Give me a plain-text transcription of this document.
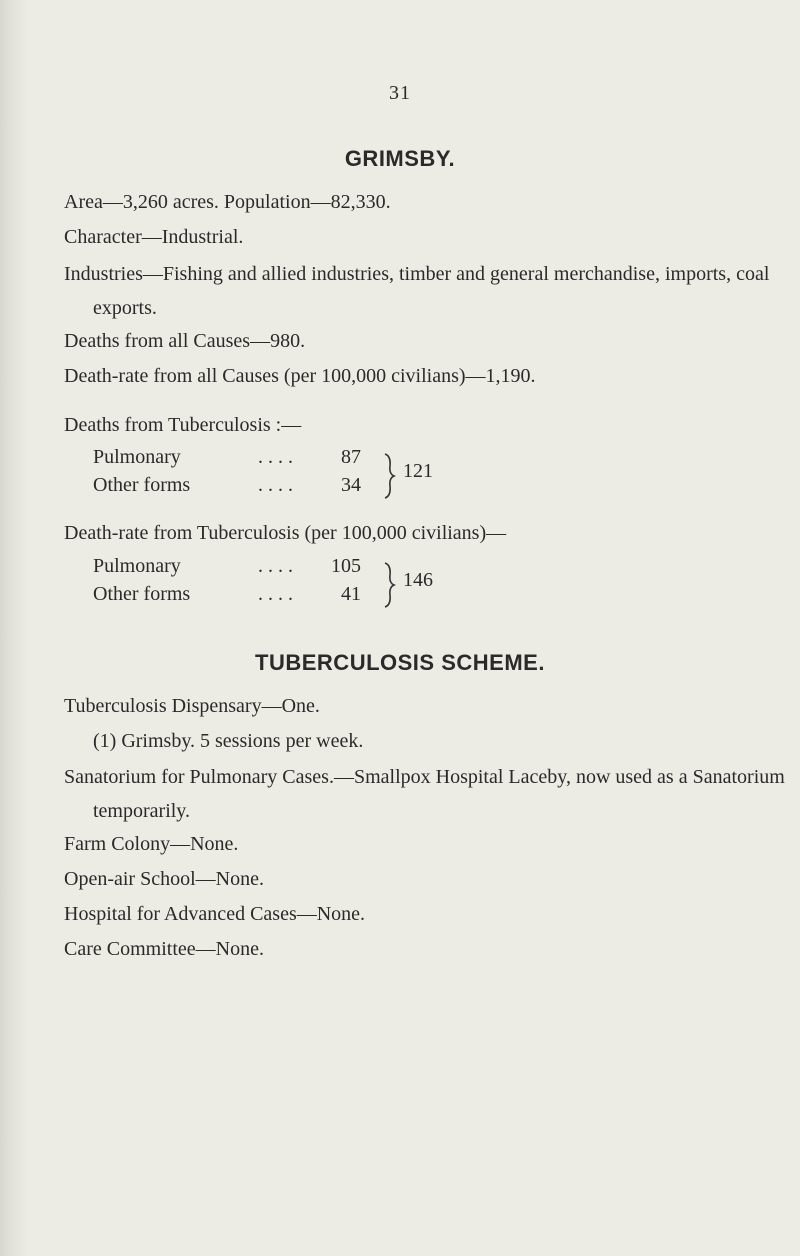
31
GRIMSBY.
Area—3,260 acres. Population—82,330.
Character—Industrial.
Industries—Fishing and allied industries, timber and general merchandise, imports, coal exports.
Deaths from all Causes—980.
Death-rate from all Causes (per 100,000 civilians)—1,190.
Deaths from Tuberculosis :—
Pulmonary	. . . . 87
Other forms	. . . . 34
121
Death-rate from Tuberculosis (per 100,000 civilians)—
Pulmonary	. . . . 105
Other forms	. . . . 41
146
TUBERCULOSIS SCHEME.
Tuberculosis Dispensary—One.
(1) Grimsby. 5 sessions per week.
Sanatorium for Pulmonary Cases.—Smallpox Hospital Laceby, now used as a Sanatorium temporarily.
Farm Colony—None.
Open-air School—None.
Hospital for Advanced Cases—None.
Care Committee—None.
